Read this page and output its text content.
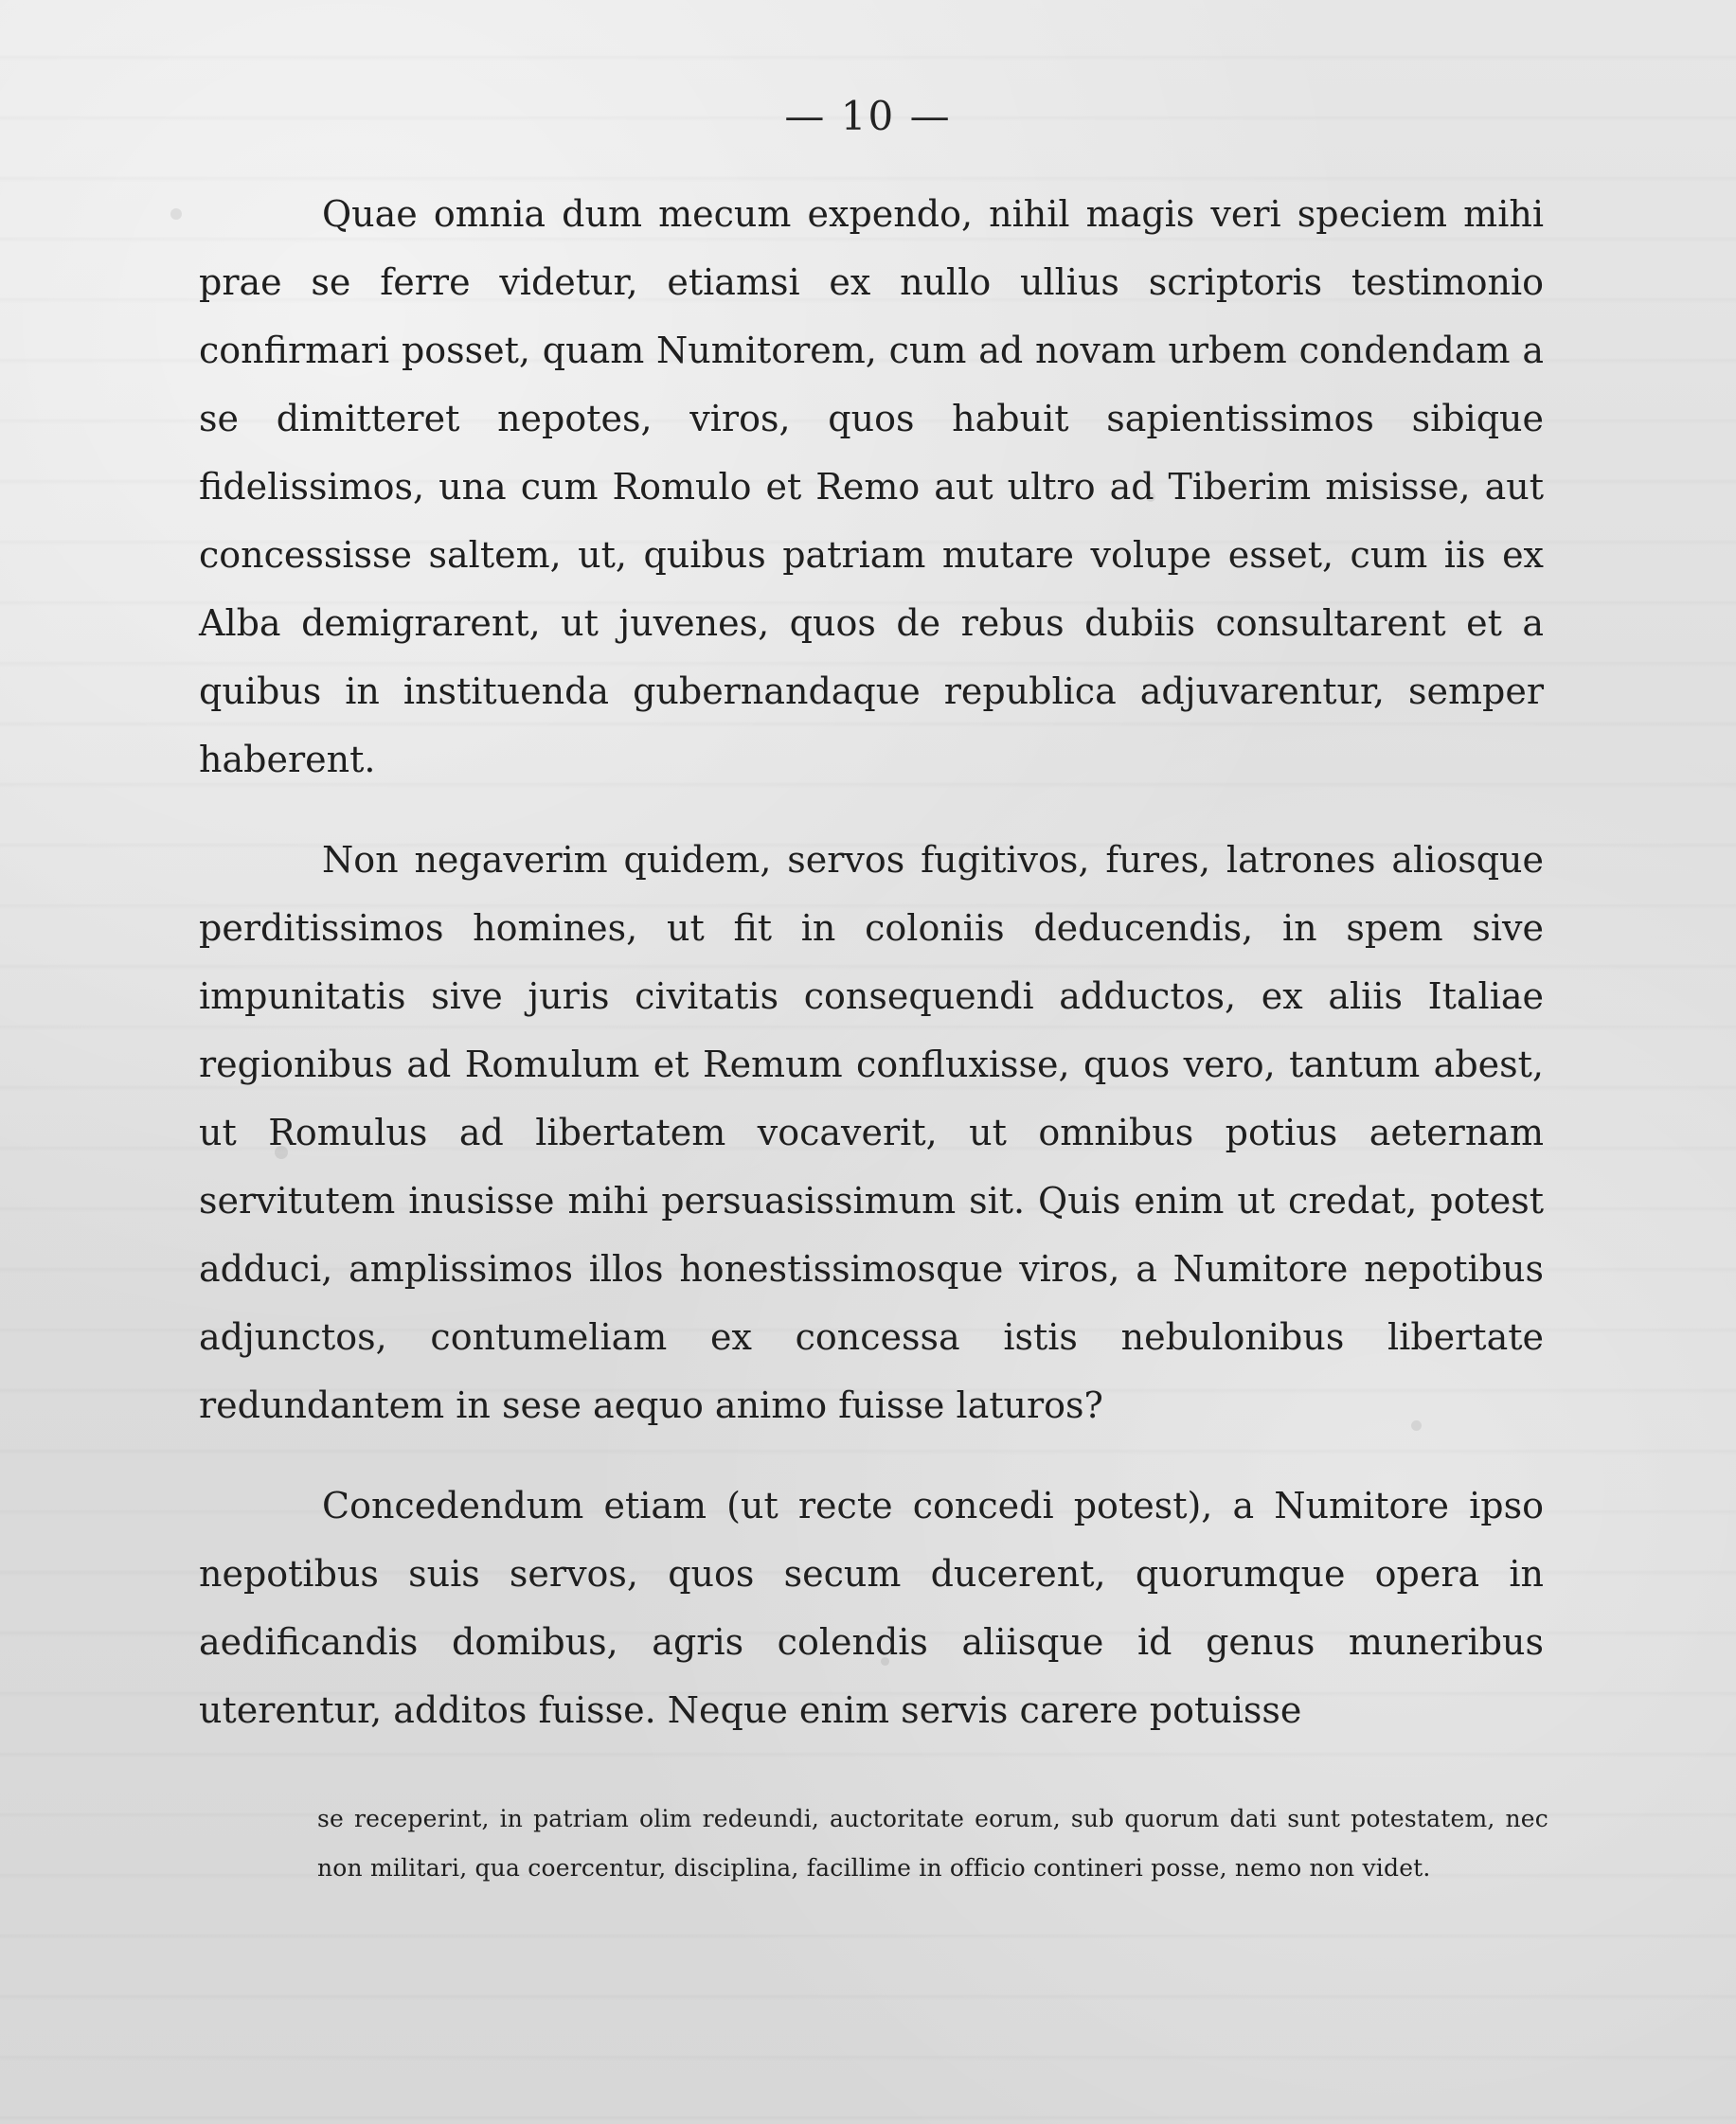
— 10 —

Quae omnia dum mecum expendo, nihil magis veri speciem mihi prae se ferre videtur, etiamsi ex nullo ullius scriptoris testimonio confirmari posset, quam Numitorem, cum ad novam urbem condendam a se dimitteret nepotes, viros, quos habuit sapientissimos sibique fidelissimos, una cum Romulo et Remo aut ultro ad Tiberim misisse, aut concessisse saltem, ut, quibus patriam mutare volupe esset, cum iis ex Alba demigrarent, ut juvenes, quos de rebus dubiis consultarent et a quibus in instituenda gubernandaque republica adjuvarentur, semper haberent.

Non negaverim quidem, servos fugitivos, fures, latrones aliosque perditissimos homines, ut fit in coloniis deducendis, in spem sive impunitatis sive juris civitatis consequendi adductos, ex aliis Italiae regionibus ad Romulum et Remum confluxisse, quos vero, tantum abest, ut Romulus ad libertatem vocaverit, ut omnibus potius aeternam servitutem inusisse mihi persuasissimum sit. Quis enim ut credat, potest adduci, amplissimos illos honestissimosque viros, a Numitore nepotibus adjunctos, contumeliam ex concessa istis nebulonibus libertate redundantem in sese aequo animo fuisse laturos?

Concedendum etiam (ut recte concedi potest), a Numitore ipso nepotibus suis servos, quos secum ducerent, quorumque opera in aedificandis domibus, agris colendis aliisque id genus muneribus uterentur, additos fuisse. Neque enim servis carere potuisse

se receperint, in patriam olim redeundi, auctoritate eorum, sub quorum dati sunt potestatem, nec non militari, qua coercentur, disciplina, facillime in officio contineri posse, nemo non videt.
